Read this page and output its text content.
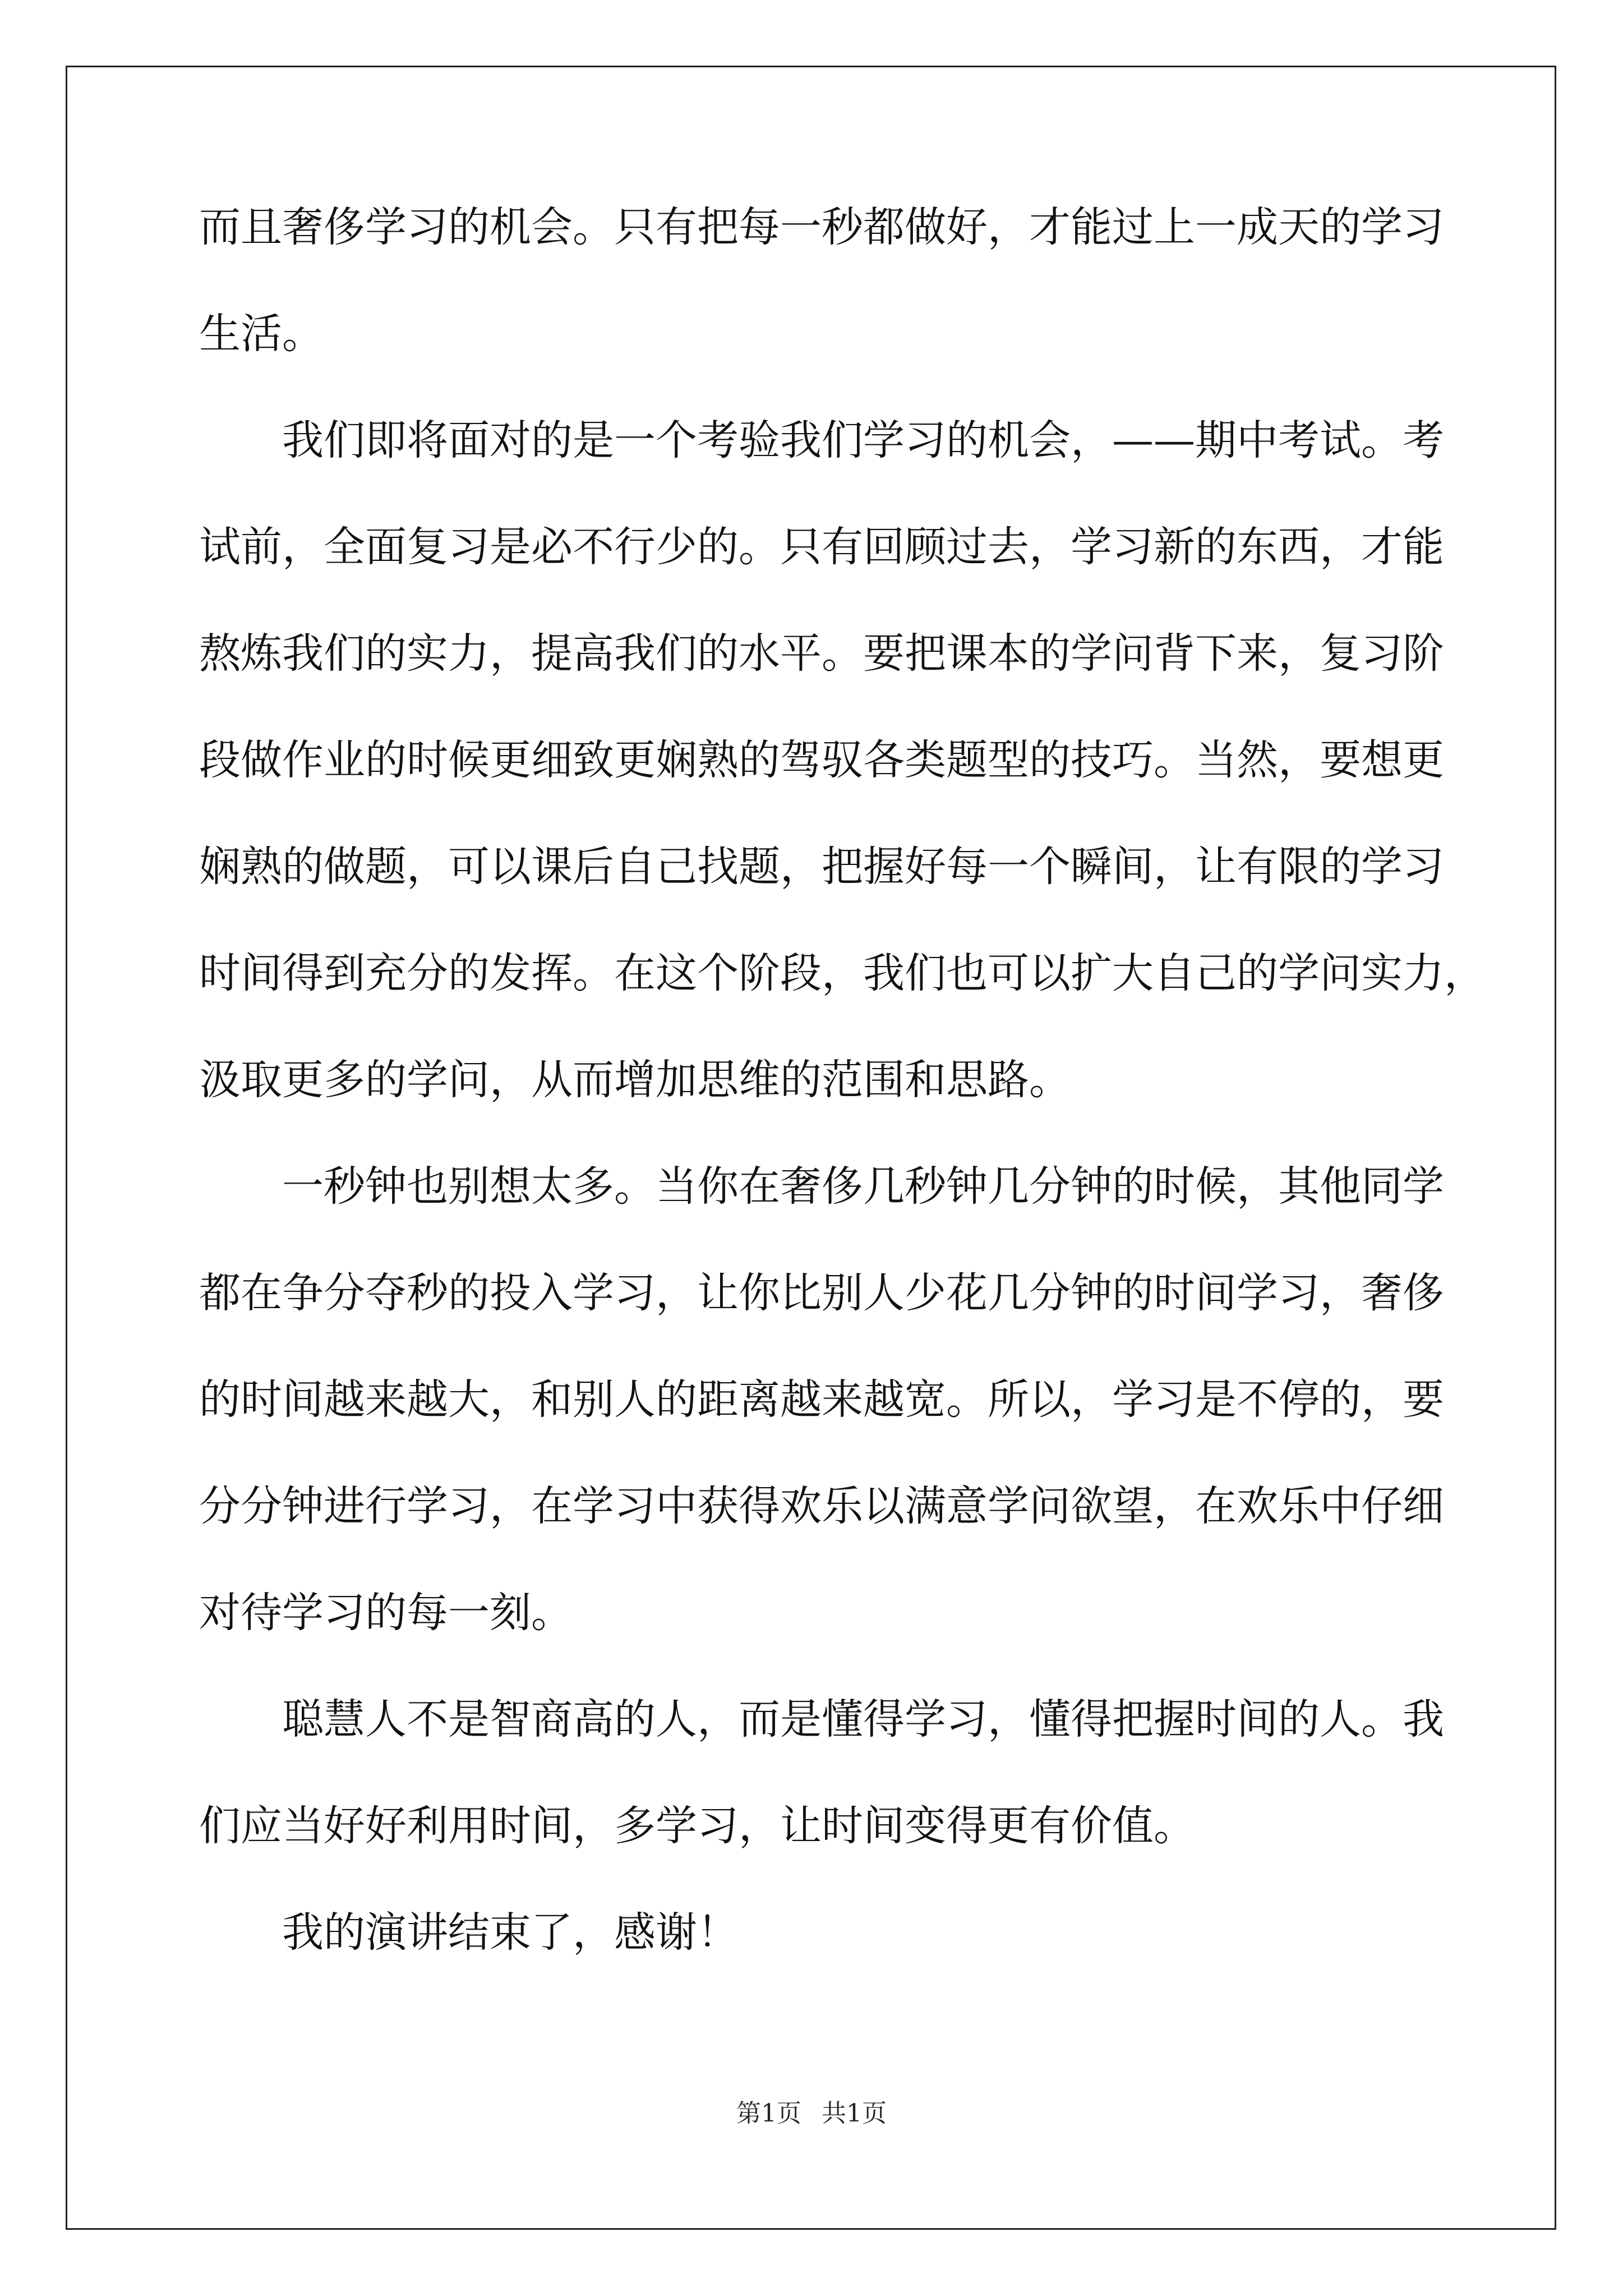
而且奢侈学习的机会。只有把每一秒都做好，才能过上一成天的学习
生活。
我们即将面对的是一个考验我们学习的机会，——期中考试。考
试前，全面复习是必不行少的。只有回顾过去，学习新的东西，才能
熬炼我们的实力，提高我们的水平。要把课本的学问背下来，复习阶
段做作业的时候更细致更娴熟的驾驭各类题型的技巧。当然，要想更
娴熟的做题，可以课后自己找题，把握好每一个瞬间，让有限的学习
时间得到充分的发挥。在这个阶段，我们也可以扩大自己的学问实力，
汲取更多的学问，从而增加思维的范围和思路。
一秒钟也别想太多。当你在奢侈几秒钟几分钟的时候，其他同学
都在争分夺秒的投入学习，让你比别人少花几分钟的时间学习，奢侈
的时间越来越大，和别人的距离越来越宽。所以，学习是不停的，要
分分钟进行学习，在学习中获得欢乐以满意学问欲望，在欢乐中仔细
对待学习的每一刻。
聪慧人不是智商高的人，而是懂得学习，懂得把握时间的人。我
们应当好好利用时间，多学习，让时间变得更有价值。
我的演讲结束了，感谢！
第1页 共1页
